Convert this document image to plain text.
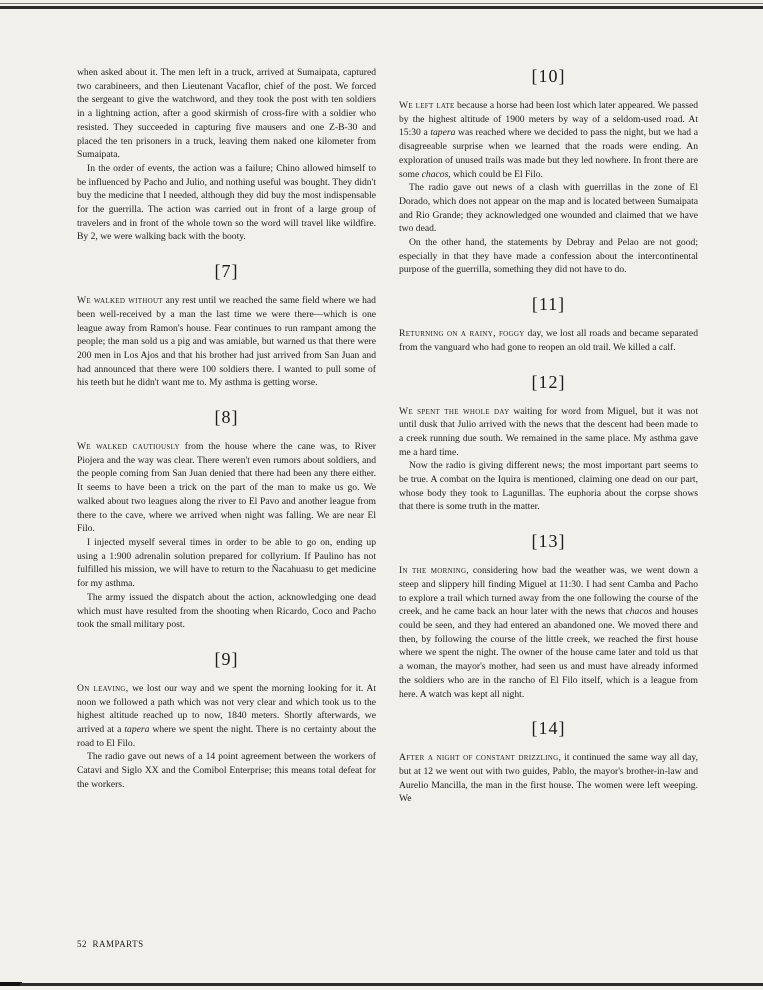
when asked about it. The men left in a truck, arrived at Sumaipata, captured two carabineers, and then Lieutenant Vacaflor, chief of the post. We forced the sergeant to give the watchword, and they took the post with ten soldiers in a lightning action, after a good skirmish of cross-fire with a soldier who resisted. They succeeded in capturing five mausers and one Z-B-30 and placed the ten prisoners in a truck, leaving them naked one kilometer from Sumaipata.

In the order of events, the action was a failure; Chino allowed himself to be influenced by Pacho and Julio, and nothing useful was bought. They didn't buy the medicine that I needed, although they did buy the most indispensable for the guerrilla. The action was carried out in front of a large group of travelers and in front of the whole town so the word will travel like wildfire. By 2, we were walking back with the booty.

[7]

We walked without any rest until we reached the same field where we had been well-received by a man the last time we were there—which is one league away from Ramon's house. Fear continues to run rampant among the people; the man sold us a pig and was amiable, but warned us that there were 200 men in Los Ajos and that his brother had just arrived from San Juan and had announced that there were 100 soldiers there. I wanted to pull some of his teeth but he didn't want me to. My asthma is getting worse.

[8]

We walked cautiously from the house where the cane was, to River Piojera and the way was clear. There weren't even rumors about soldiers, and the people coming from San Juan denied that there had been any there either. It seems to have been a trick on the part of the man to make us go. We walked about two leagues along the river to El Pavo and another league from there to the cave, where we arrived when night was falling. We are near El Filo.

I injected myself several times in order to be able to go on, ending up using a 1:900 adrenalin solution prepared for collyrium. If Paulino has not fulfilled his mission, we will have to return to the Ñacahuasu to get medicine for my asthma.

The army issued the dispatch about the action, acknowledging one dead which must have resulted from the shooting when Ricardo, Coco and Pacho took the small military post.

[9]

On leaving, we lost our way and we spent the morning looking for it. At noon we followed a path which was not very clear and which took us to the highest altitude reached up to now, 1840 meters. Shortly afterwards, we arrived at a tapera where we spent the night. There is no certainty about the road to El Filo.

The radio gave out news of a 14 point agreement between the workers of Catavi and Siglo XX and the Comibol Enterprise; this means total defeat for the workers.

[10]

We left late because a horse had been lost which later appeared. We passed by the highest altitude of 1900 meters by way of a seldom-used road. At 15:30 a tapera was reached where we decided to pass the night, but we had a disagreeable surprise when we learned that the roads were ending. An exploration of unused trails was made but they led nowhere. In front there are some chacos, which could be El Filo.

The radio gave out news of a clash with guerrillas in the zone of El Dorado, which does not appear on the map and is located between Sumaipata and Rio Grande; they acknowledged one wounded and claimed that we have two dead.

On the other hand, the statements by Debray and Pelao are not good; especially in that they have made a confession about the intercontinental purpose of the guerrilla, something they did not have to do.

[11]

Returning on a rainy, foggy day, we lost all roads and became separated from the vanguard who had gone to reopen an old trail. We killed a calf.

[12]

We spent the whole day waiting for word from Miguel, but it was not until dusk that Julio arrived with the news that the descent had been made to a creek running due south. We remained in the same place. My asthma gave me a hard time.

Now the radio is giving different news; the most important part seems to be true. A combat on the Iquira is mentioned, claiming one dead on our part, whose body they took to Lagunillas. The euphoria about the corpse shows that there is some truth in the matter.

[13]

In the morning, considering how bad the weather was, we went down a steep and slippery hill finding Miguel at 11:30. I had sent Camba and Pacho to explore a trail which turned away from the one following the course of the creek, and he came back an hour later with the news that chacos and houses could be seen, and they had entered an abandoned one. We moved there and then, by following the course of the little creek, we reached the first house where we spent the night. The owner of the house came later and told us that a woman, the mayor's mother, had seen us and must have already informed the soldiers who are in the rancho of El Filo itself, which is a league from here. A watch was kept all night.

[14]

After a night of constant drizzling, it continued the same way all day, but at 12 we went out with two guides, Pablo, the mayor's brother-in-law and Aurelio Mancilla, the man in the first house. The women were left weeping. We

52 RAMPARTS
